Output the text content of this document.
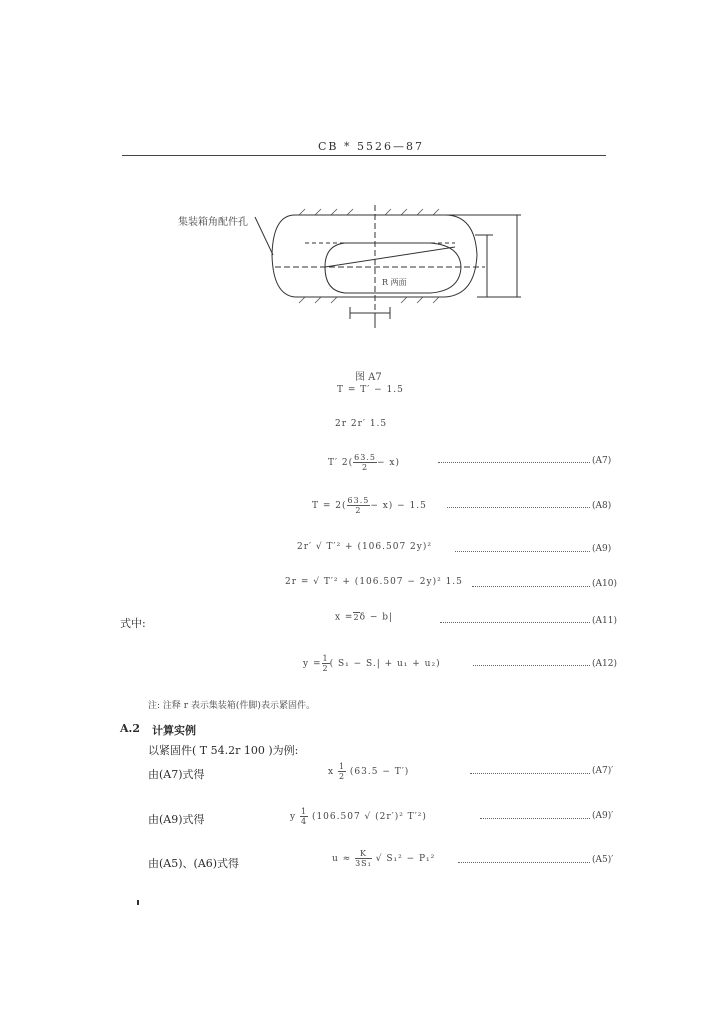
CB * 5526—87
集装箱角配件孔
R 两面
图 A7
T = T′ − 1.5
2r 2r′ 1.5
T′ $2( \frac{63.5}{2} - x)$	(A7)
$T = 2( \frac{63.5}{2} - x) - 1.5$	(A8)
2r′ √ T′² + (106.507 2y)²	(A9)
2r = √ T′² + (106.507 − 2y)² 1.5	(A10)
式中:	x = 2 δ − b|	(A11)
$y = \frac{1}{2}$ ( S₁ − S.| + u₁ + u₂)	(A12)
注: 注释 r 表示集装箱(件脚)表示紧固件。
A.2 计算实例
以紧固件( T 54.2r 100 )为例:
由(A7)式得	x $\frac{1}{2} (63.5 - T')$	(A7)′
由(A9)式得	y $\frac{1}{4} (106.507$ √ (2r′)² T′²)	(A9)′
由(A5)、(A6)式得	$u \approx \frac{K}{\text{3S₁}}$ √ S₁² − P₁²	(A5)′
